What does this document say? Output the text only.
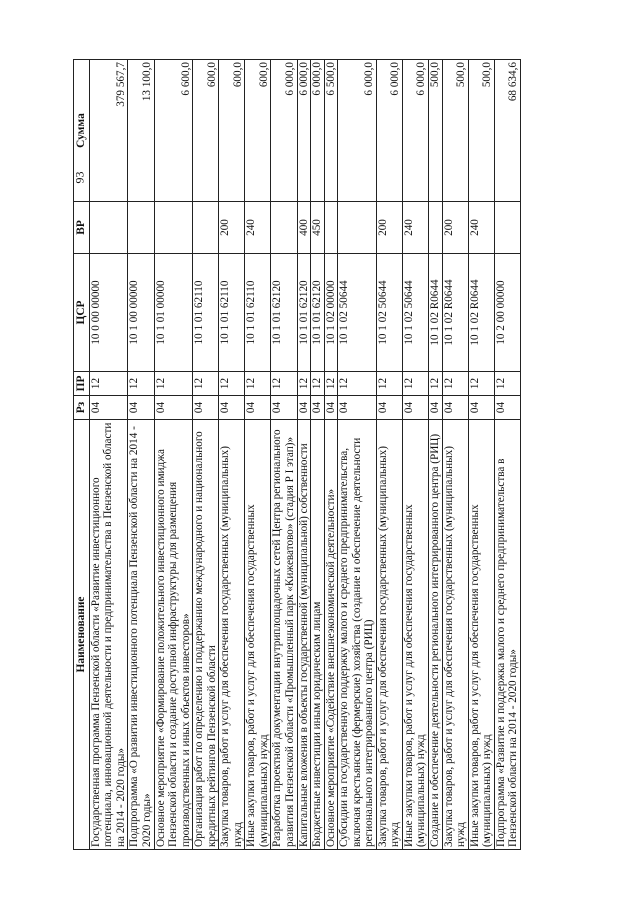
93
Наименование	Рз	ПР	ЦСР	ВР	Сумма
Государственная программа Пензенской области «Развитие инвестиционного потенциала, инновационной деятельности и предпринимательства в Пензенской области на 2014 - 2020 годы»	04	12	10 0 00 00000		379 567,7
Подпрограмма «О развитии инвестиционного потенциала Пензенской области на 2014 - 2020 годы»	04	12	10 1 00 00000		13 100,0
Основное мероприятие «Формирование положительного инвестиционного имиджа Пензенской области и создание доступной инфраструктуры для размещения производственных и иных объектов инвесторов»	04	12	10 1 01 00000		6 600,0
Организация работ по определению и поддержанию международного и национального кредитных рейтингов Пензенской области	04	12	10 1 01 62110		600,0
Закупка товаров, работ и услуг для обеспечения государственных (муниципальных) нужд	04	12	10 1 01 62110	200	600,0
Иные закупки товаров, работ и услуг для обеспечения государственных (муниципальных) нужд	04	12	10 1 01 62110	240	600,0
Разработка проектной документации внутриплощадочных сетей Центра регионального развития Пензенской области «Промышленный парк «Кижеватово» (стадия Р I этап)»	04	12	10 1 01 62120		6 000,0
Капитальные вложения в объекты государственной (муниципальной) собственности	04	12	10 1 01 62120	400	6 000,0
Бюджетные инвестиции иным юридическим лицам	04	12	10 1 01 62120	450	6 000,0
Основное мероприятие «Содействие внешнеэкономической деятельности»	04	12	10 1 02 00000		6 500,0
Субсидии на государственную поддержку малого и среднего предпринимательства, включая крестьянские (фермерские) хозяйства (создание и обеспечение деятельности регионального интегрированного центра (РИЦ)	04	12	10 1 02 50644		6 000,0
Закупка товаров, работ и услуг для обеспечения государственных (муниципальных) нужд	04	12	10 1 02 50644	200	6 000,0
Иные закупки товаров, работ и услуг для обеспечения государственных (муниципальных) нужд	04	12	10 1 02 50644	240	6 000,0
Создание и обеспечение деятельности регионального интегрированного центра (РИЦ)	04	12	10 1 02 R0644		500,0
Закупка товаров, работ и услуг для обеспечения государственных (муниципальных) нужд	04	12	10 1 02 R0644	200	500,0
Иные закупки товаров, работ и услуг для обеспечения государственных (муниципальных) нужд	04	12	10 1 02 R0644	240	500,0
Подпрограмма «Развитие и поддержка малого и среднего предпринимательства в Пензенской области на 2014 - 2020 годы»	04	12	10 2 00 00000		68 634,6
